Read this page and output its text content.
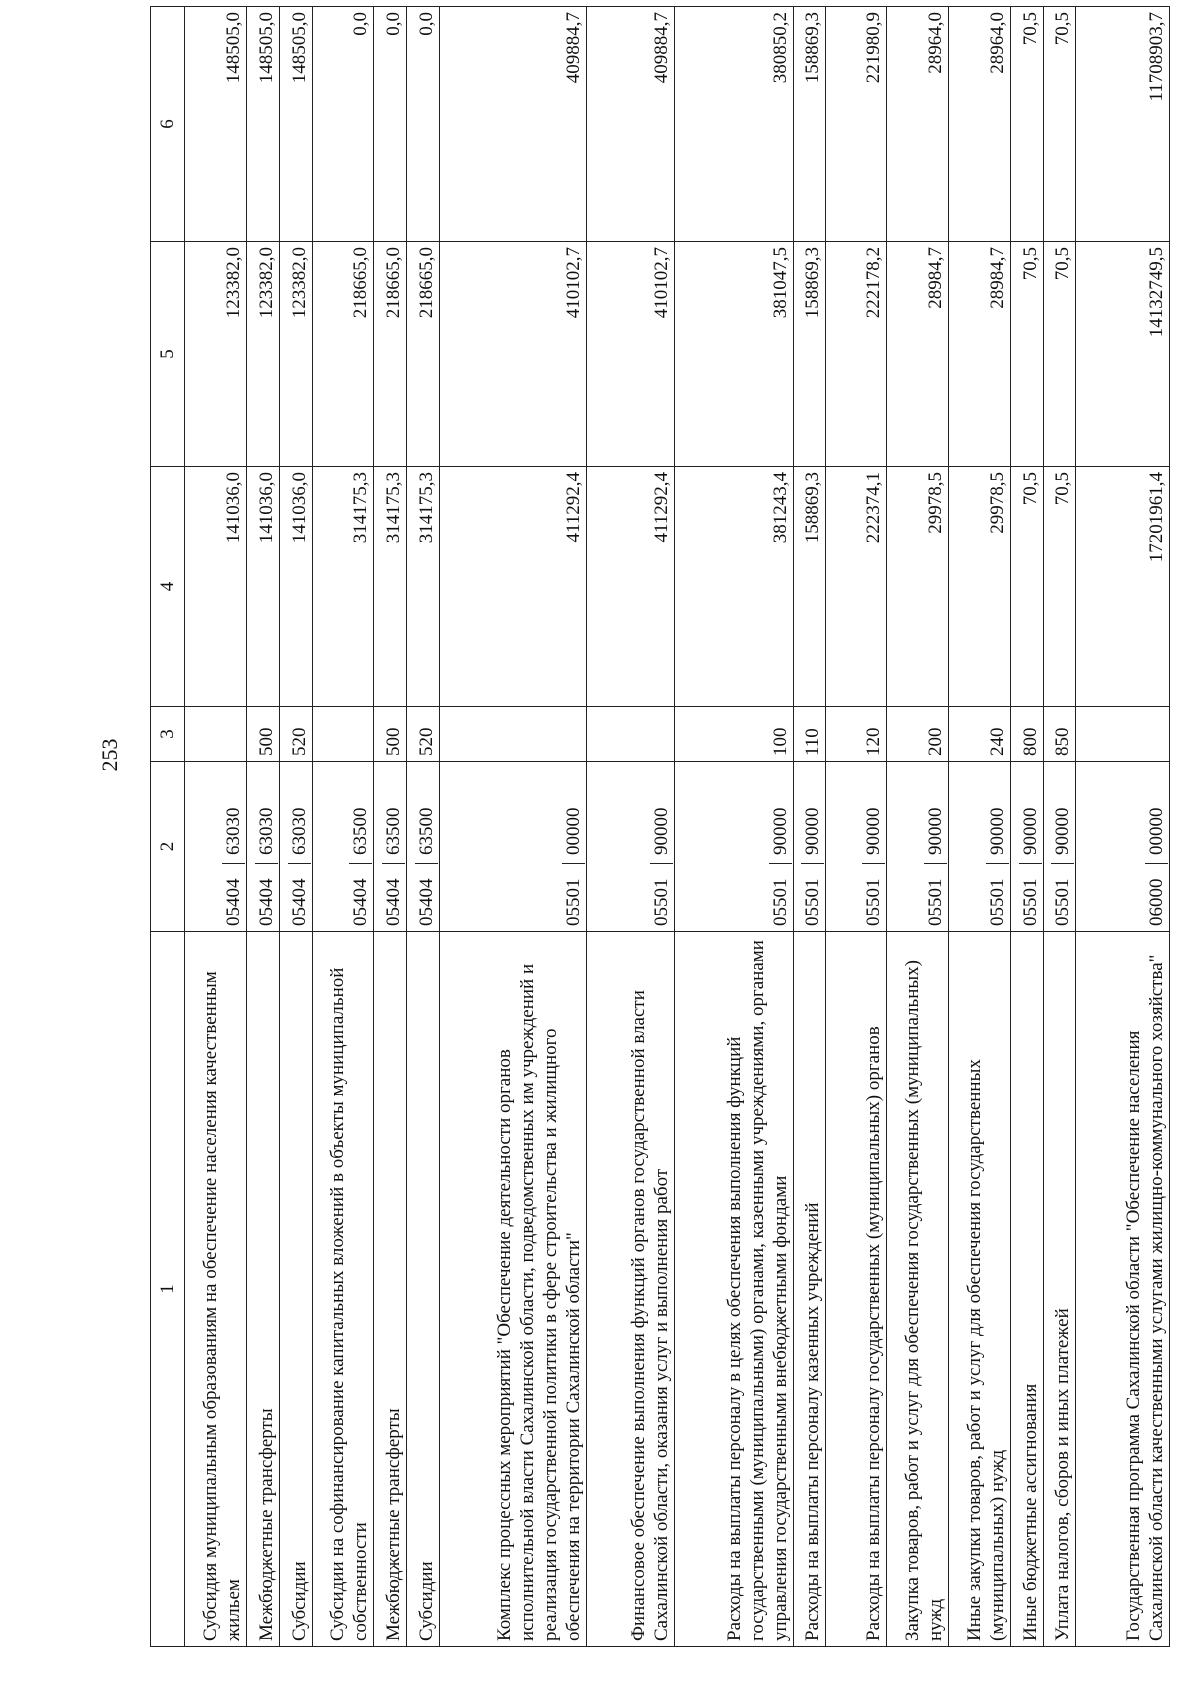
253
1	2	3	4	5	6
Субсидия муниципальным образованиям на обеспечение населения качественным жильем	0540463030		141036,0	123382,0	148505,0
Межбюджетные трансферты	0540463030	500	141036,0	123382,0	148505,0
Субсидии	0540463030	520	141036,0	123382,0	148505,0
Субсидии на софинансирование капитальных вложений в объекты муниципальной собственности	0540463500		314175,3	218665,0	0,0
Межбюджетные трансферты	0540463500	500	314175,3	218665,0	0,0
Субсидии	0540463500	520	314175,3	218665,0	0,0
Комплекс процессных мероприятий "Обеспечение деятельности органов исполнительной власти Сахалинской области, подведомственных им учреждений и реализация государственной политики в сфере строительства и жилищного обеспечения на территории Сахалинской области"	0550100000		411292,4	410102,7	409884,7
Финансовое обеспечение выполнения функций органов государственной власти Сахалинской области, оказания услуг и выполнения работ	0550190000		411292,4	410102,7	409884,7
Расходы на выплаты персоналу в целях обеспечения выполнения функций государственными (муниципальными) органами, казенными учреждениями, органами управления государственными внебюджетными фондами	0550190000	100	381243,4	381047,5	380850,2
Расходы на выплаты персоналу казенных учреждений	0550190000	110	158869,3	158869,3	158869,3
Расходы на выплаты персоналу государственных (муниципальных) органов	0550190000	120	222374,1	222178,2	221980,9
Закупка товаров, работ и услуг для обеспечения государственных (муниципальных) нужд	0550190000	200	29978,5	28984,7	28964,0
Иные закупки товаров, работ и услуг для обеспечения государственных (муниципальных) нужд	0550190000	240	29978,5	28984,7	28964,0
Иные бюджетные ассигнования	0550190000	800	70,5	70,5	70,5
Уплата налогов, сборов и иных платежей	0550190000	850	70,5	70,5	70,5
Государственная программа Сахалинской области "Обеспечение населения Сахалинской области качественными услугами жилищно-коммунального хозяйства"	0600000000		17201961,4	14132749,5	11708903,7
